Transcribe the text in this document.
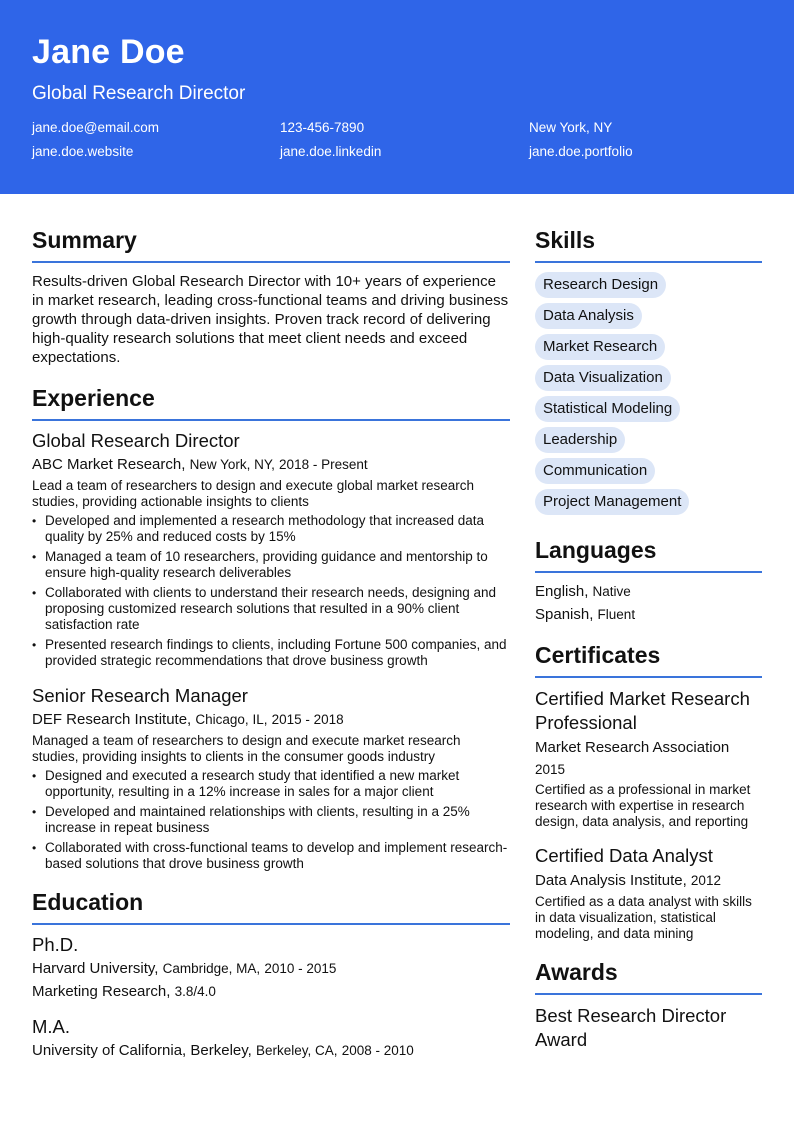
Jane Doe
Global Research Director
jane.doe@email.com	123-456-7890	New York, NY
jane.doe.website	jane.doe.linkedin	jane.doe.portfolio
Summary
Results-driven Global Research Director with 10+ years of experience in market research, leading cross-functional teams and driving business growth through data-driven insights. Proven track record of delivering high-quality research solutions that meet client needs and exceed expectations.
Experience
Global Research Director
ABC Market Research, New York, NY, 2018 - Present
Lead a team of researchers to design and execute global market research studies, providing actionable insights to clients
• Developed and implemented a research methodology that increased data quality by 25% and reduced costs by 15%
• Managed a team of 10 researchers, providing guidance and mentorship to ensure high-quality research deliverables
• Collaborated with clients to understand their research needs, designing and proposing customized research solutions that resulted in a 90% client satisfaction rate
• Presented research findings to clients, including Fortune 500 companies, and provided strategic recommendations that drove business growth
Senior Research Manager
DEF Research Institute, Chicago, IL, 2015 - 2018
Managed a team of researchers to design and execute market research studies, providing insights to clients in the consumer goods industry
• Designed and executed a research study that identified a new market opportunity, resulting in a 12% increase in sales for a major client
• Developed and maintained relationships with clients, resulting in a 25% increase in repeat business
• Collaborated with cross-functional teams to develop and implement research-based solutions that drove business growth
Education
Ph.D.
Harvard University, Cambridge, MA, 2010 - 2015
Marketing Research, 3.8/4.0
M.A.
University of California, Berkeley, Berkeley, CA, 2008 - 2010
Skills
Research Design
Data Analysis
Market Research
Data Visualization
Statistical Modeling
Leadership
Communication
Project Management
Languages
English, Native
Spanish, Fluent
Certificates
Certified Market Research Professional
Market Research Association
2015
Certified as a professional in market research with expertise in research design, data analysis, and reporting
Certified Data Analyst
Data Analysis Institute, 2012
Certified as a data analyst with skills in data visualization, statistical modeling, and data mining
Awards
Best Research Director Award
